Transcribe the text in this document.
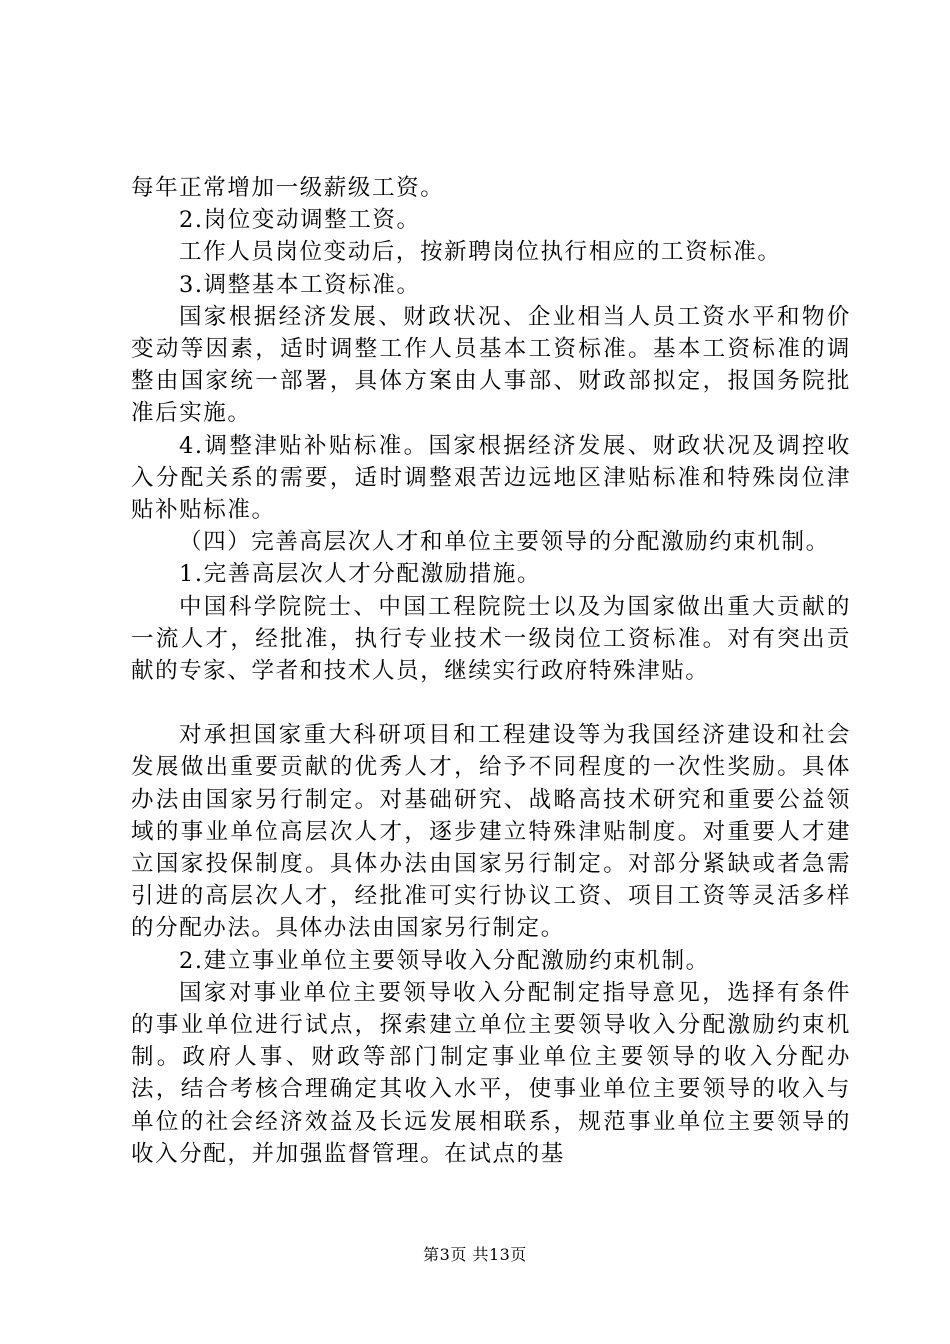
每年正常增加一级薪级工资。

2.岗位变动调整工资。

工作人员岗位变动后，按新聘岗位执行相应的工资标准。

3.调整基本工资标准。

国家根据经济发展、财政状况、企业相当人员工资水平和物价变动等因素，适时调整工作人员基本工资标准。基本工资标准的调整由国家统一部署，具体方案由人事部、财政部拟定，报国务院批准后实施。

4.调整津贴补贴标准。国家根据经济发展、财政状况及调控收入分配关系的需要，适时调整艰苦边远地区津贴标准和特殊岗位津贴补贴标准。

（四）完善高层次人才和单位主要领导的分配激励约束机制。

1.完善高层次人才分配激励措施。

中国科学院院士、中国工程院院士以及为国家做出重大贡献的一流人才，经批准，执行专业技术一级岗位工资标准。对有突出贡献的专家、学者和技术人员，继续实行政府特殊津贴。

对承担国家重大科研项目和工程建设等为我国经济建设和社会发展做出重要贡献的优秀人才，给予不同程度的一次性奖励。具体办法由国家另行制定。对基础研究、战略高技术研究和重要公益领域的事业单位高层次人才，逐步建立特殊津贴制度。对重要人才建立国家投保制度。具体办法由国家另行制定。对部分紧缺或者急需引进的高层次人才，经批准可实行协议工资、项目工资等灵活多样的分配办法。具体办法由国家另行制定。

2.建立事业单位主要领导收入分配激励约束机制。

国家对事业单位主要领导收入分配制定指导意见，选择有条件的事业单位进行试点，探索建立单位主要领导收入分配激励约束机制。政府人事、财政等部门制定事业单位主要领导的收入分配办法，结合考核合理确定其收入水平，使事业单位主要领导的收入与单位的社会经济效益及长远发展相联系，规范事业单位主要领导的收入分配，并加强监督管理。在试点的基

第3页 共13页
